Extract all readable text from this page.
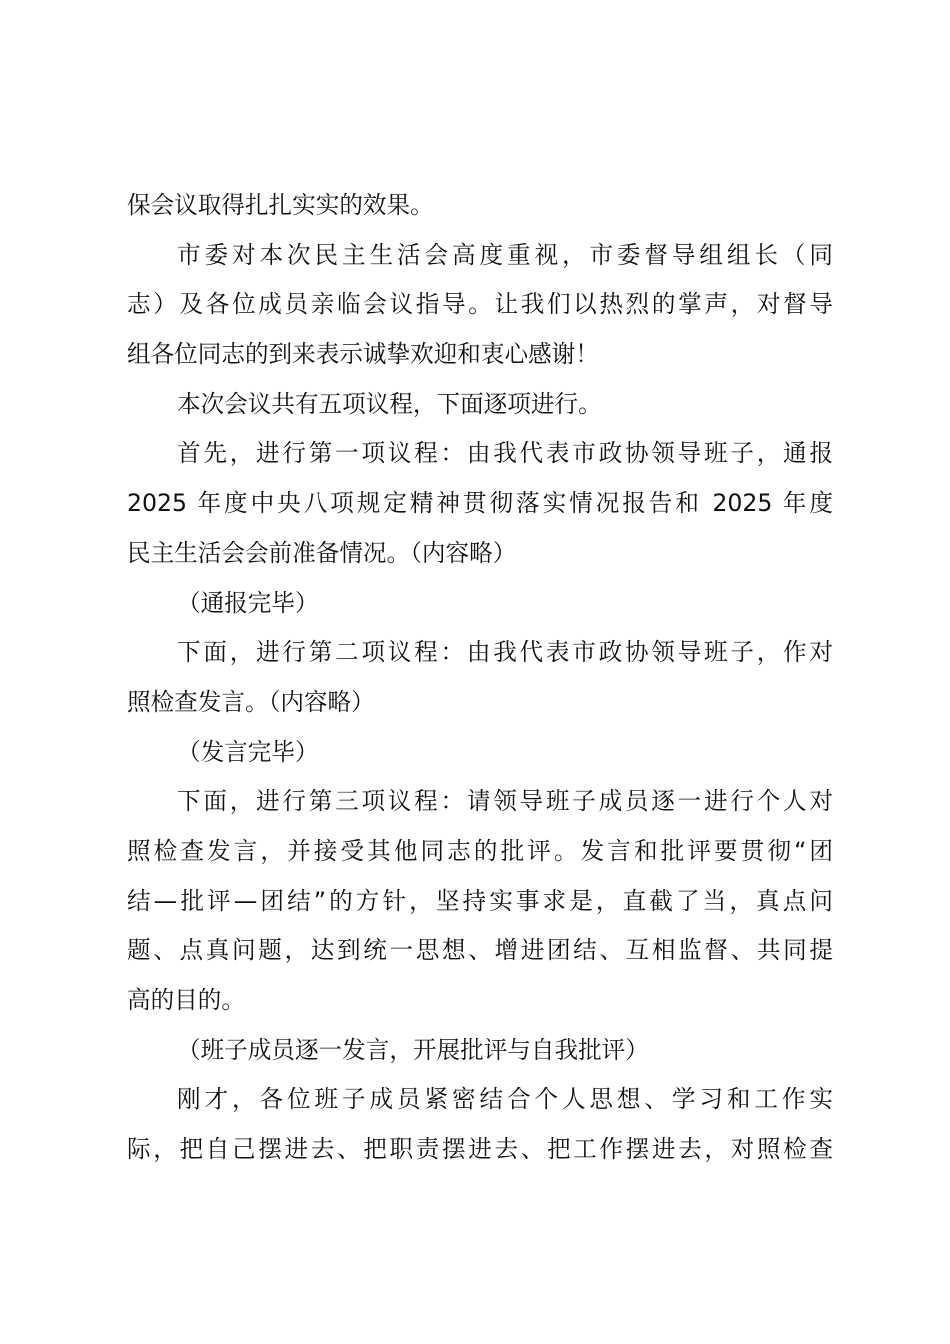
保会议取得扎扎实实的效果。
市委对本次民主生活会高度重视，市委督导组组长（同
志）及各位成员亲临会议指导。让我们以热烈的掌声，对督导
组各位同志的到来表示诚挚欢迎和衷心感谢！
本次会议共有五项议程，下面逐项进行。
首先，进行第一项议程：由我代表市政协领导班子，通报
2025 年度中央八项规定精神贯彻落实情况报告和 2025 年度
民主生活会会前准备情况。（内容略）
（通报完毕）
下面，进行第二项议程：由我代表市政协领导班子，作对
照检查发言。（内容略）
（发言完毕）
下面，进行第三项议程：请领导班子成员逐一进行个人对
照检查发言，并接受其他同志的批评。发言和批评要贯彻“团
结—批评—团结”的方针，坚持实事求是，直截了当，真点问
题、点真问题，达到统一思想、增进团结、互相监督、共同提
高的目的。
（班子成员逐一发言，开展批评与自我批评）
刚才，各位班子成员紧密结合个人思想、学习和工作实
际，把自己摆进去、把职责摆进去、把工作摆进去，对照检查
